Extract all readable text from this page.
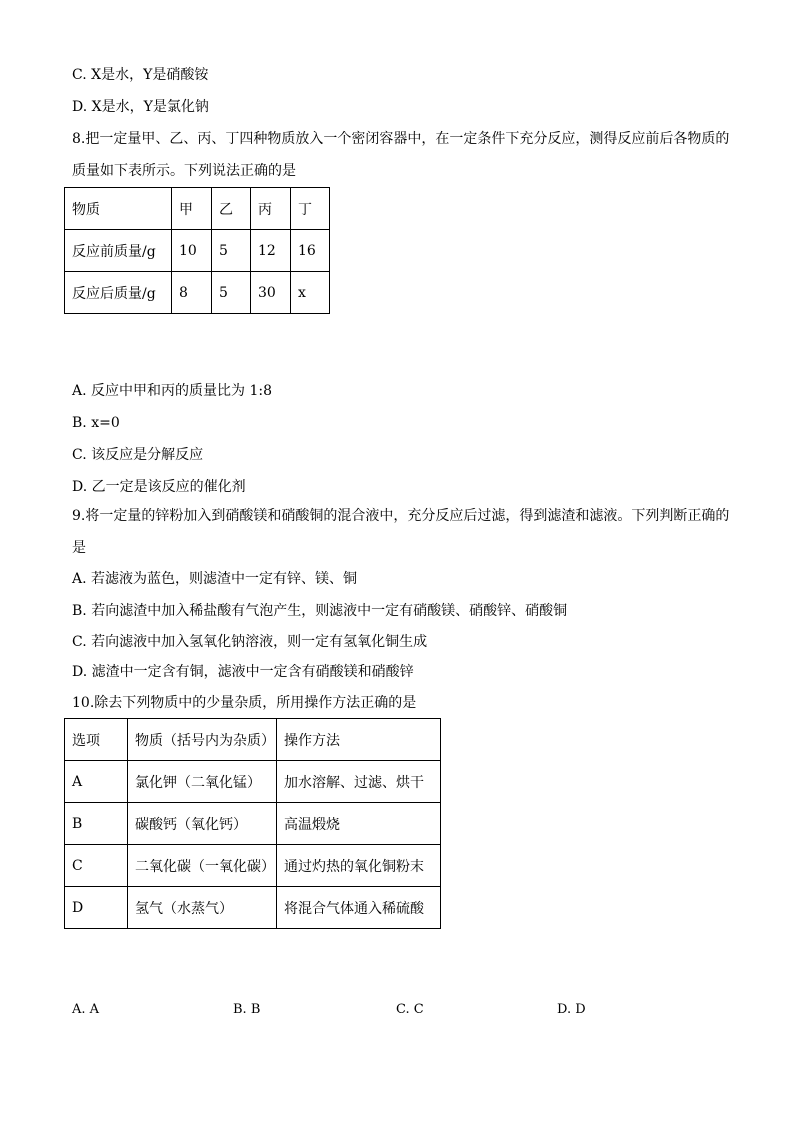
C. X是水，Y是硝酸铵
D. X是水，Y是氯化钠
8.把一定量甲、乙、丙、丁四种物质放入一个密闭容器中，在一定条件下充分反应，测得反应前后各物质的
质量如下表所示。下列说法正确的是
物质	甲	乙	丙	丁
反应前质量/g	10	5	12	16
反应后质量/g	8	5	30	x
A. 反应中甲和丙的质量比为 1:8
B. x=0
C. 该反应是分解反应
D. 乙一定是该反应的催化剂
9.将一定量的锌粉加入到硝酸镁和硝酸铜的混合液中，充分反应后过滤，得到滤渣和滤液。下列判断正确的
是
A. 若滤液为蓝色，则滤渣中一定有锌、镁、铜
B. 若向滤渣中加入稀盐酸有气泡产生，则滤液中一定有硝酸镁、硝酸锌、硝酸铜
C. 若向滤液中加入氢氧化钠溶液，则一定有氢氧化铜生成
D. 滤渣中一定含有铜，滤液中一定含有硝酸镁和硝酸锌
10.除去下列物质中的少量杂质，所用操作方法正确的是
选项	物质（括号内为杂质）	操作方法
A	氯化钾（二氧化锰）	加水溶解、过滤、烘干
B	碳酸钙（氧化钙）	高温煅烧
C	二氧化碳（一氧化碳）	通过灼热的氧化铜粉末
D	氢气（水蒸气）	将混合气体通入稀硫酸
A. A	B. B	C. C	D. D
